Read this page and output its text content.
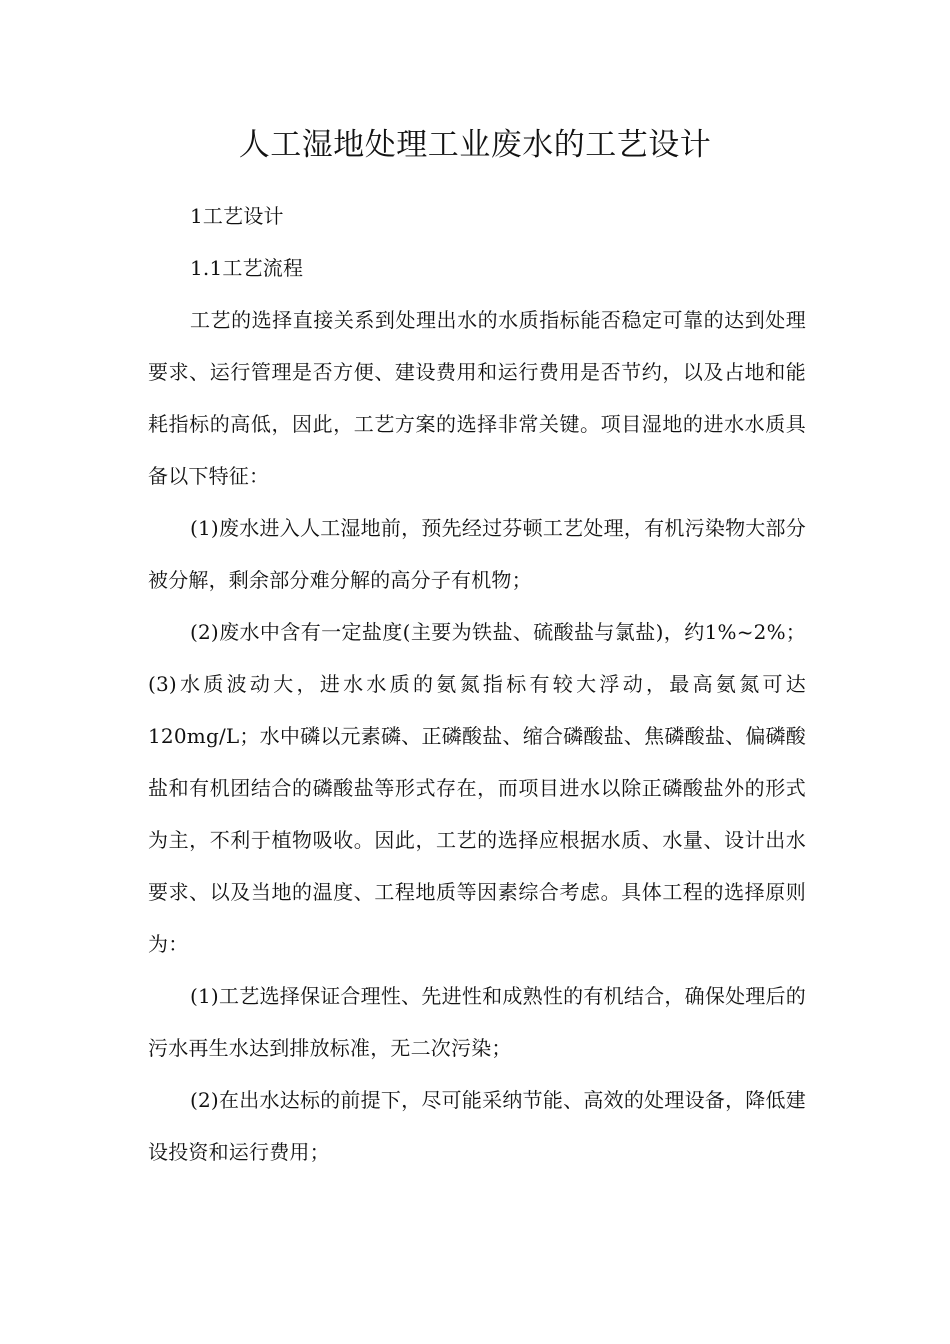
人工湿地处理工业废水的工艺设计

1工艺设计

1.1工艺流程

工艺的选择直接关系到处理出水的水质指标能否稳定可靠的达到处理要求、运行管理是否方便、建设费用和运行费用是否节约，以及占地和能耗指标的高低，因此，工艺方案的选择非常关键。项目湿地的进水水质具备以下特征：

(1)废水进入人工湿地前，预先经过芬顿工艺处理，有机污染物大部分被分解，剩余部分难分解的高分子有机物；

(2)废水中含有一定盐度(主要为铁盐、硫酸盐与氯盐)，约1%~2%；(3)水质波动大，进水水质的氨氮指标有较大浮动，最高氨氮可达120mg/L；水中磷以元素磷、正磷酸盐、缩合磷酸盐、焦磷酸盐、偏磷酸盐和有机团结合的磷酸盐等形式存在，而项目进水以除正磷酸盐外的形式为主，不利于植物吸收。因此，工艺的选择应根据水质、水量、设计出水要求、以及当地的温度、工程地质等因素综合考虑。具体工程的选择原则为：

(1)工艺选择保证合理性、先进性和成熟性的有机结合，确保处理后的污水再生水达到排放标准，无二次污染；

(2)在出水达标的前提下，尽可能采纳节能、高效的处理设备，降低建设投资和运行费用；
